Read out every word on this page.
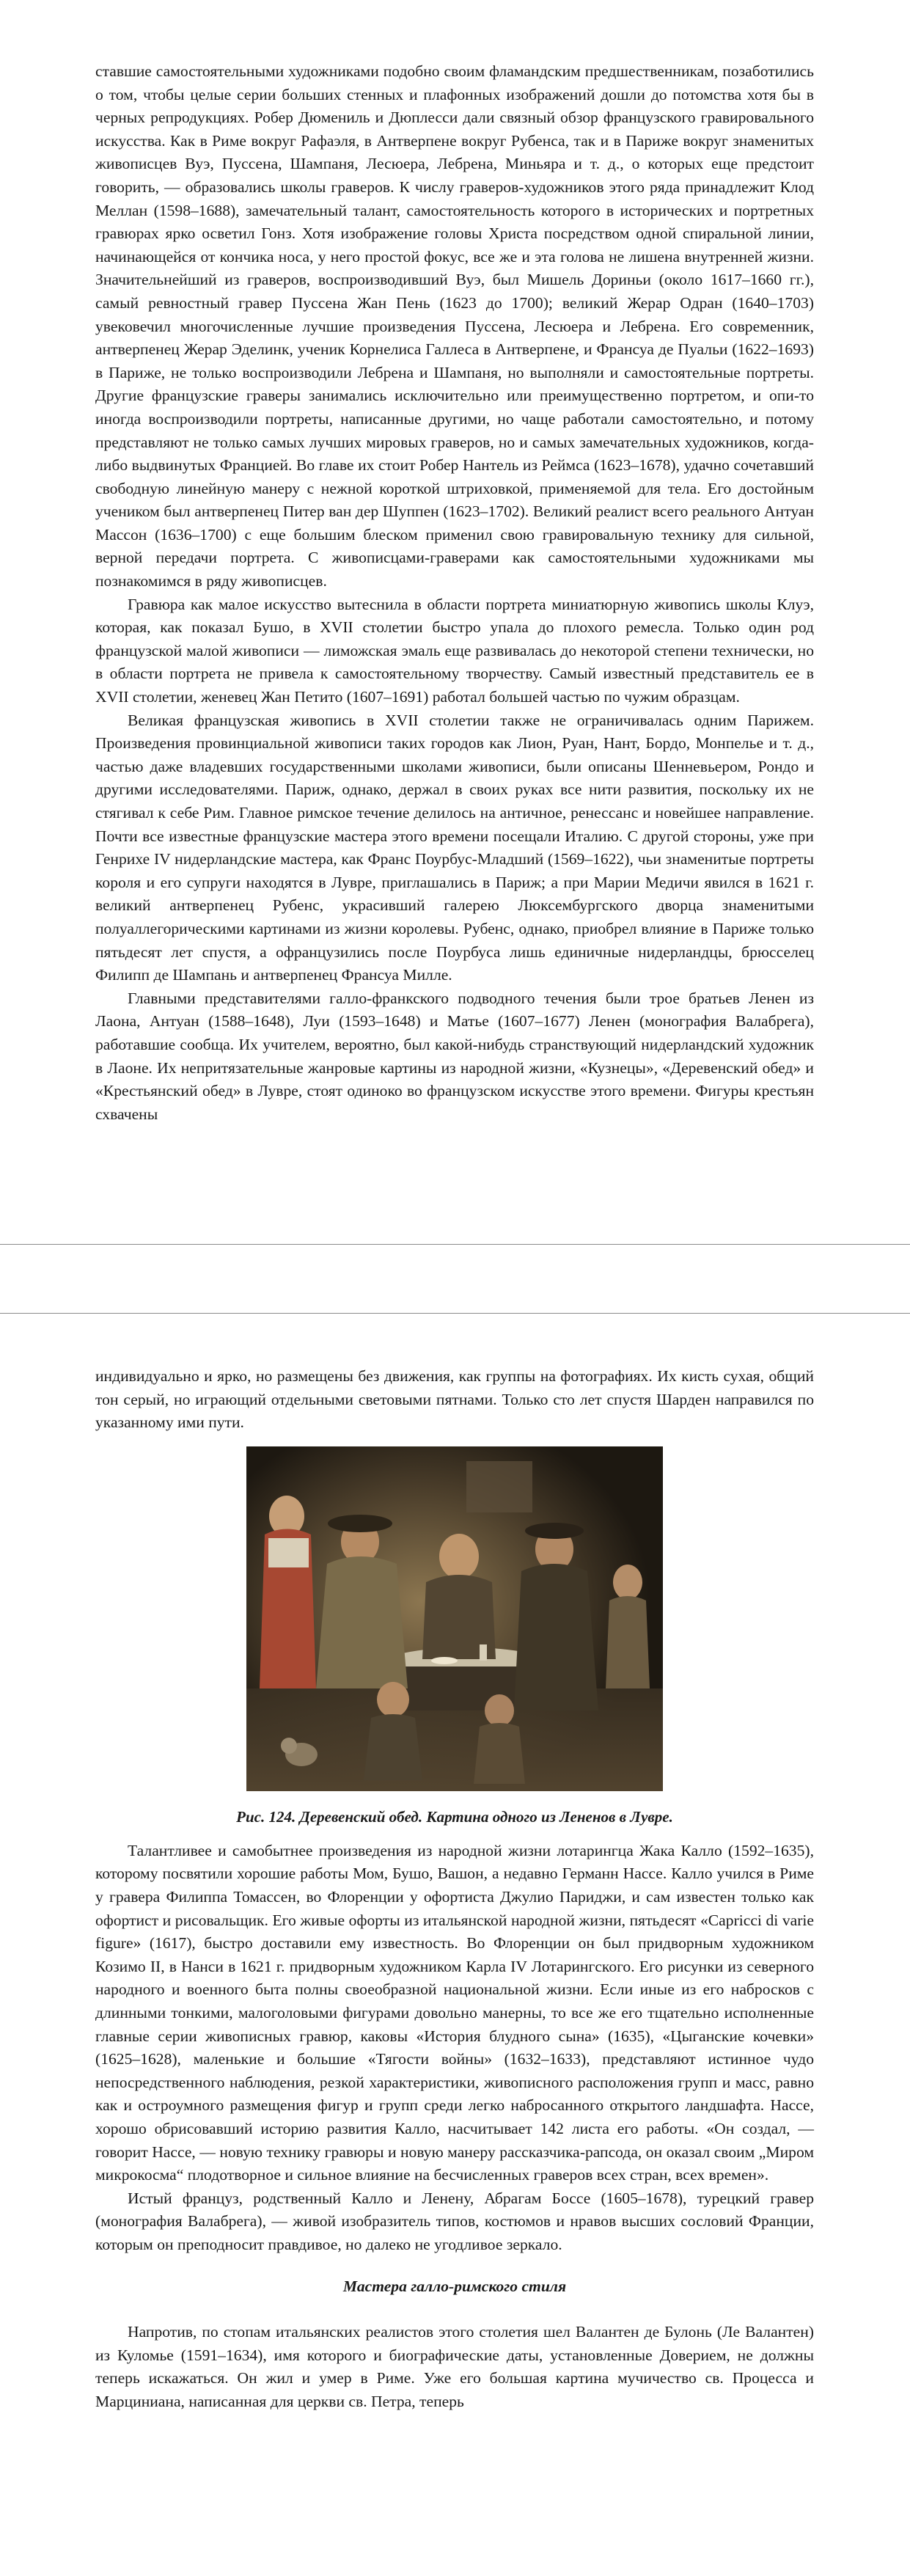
ставшие самостоятельными художниками подобно своим фламандским предшественникам, позаботились о том, чтобы целые серии больших стенных и плафонных изображений дошли до потомства хотя бы в черных репродукциях. Робер Дюмениль и Дюплесси дали связный обзор французского гравировального искусства. Как в Риме вокруг Рафаэля, в Антверпене вокруг Рубенса, так и в Париже вокруг знаменитых живописцев Вуэ, Пуссена, Шампаня, Лесюера, Лебрена, Миньяра и т. д., о которых еще предстоит говорить, — образовались школы граверов. К числу граверов-художников этого ряда принадлежит Клод Меллан (1598–1688), замечательный талант, самостоятельность которого в исторических и портретных гравюрах ярко осветил Гонз. Хотя изображение головы Христа посредством одной спиральной линии, начинающейся от кончика носа, у него простой фокус, все же и эта голова не лишена внутренней жизни. Значительнейший из граверов, воспроизводивший Вуэ, был Мишель Дориньи (около 1617–1660 гг.), самый ревностный гравер Пуссена Жан Пень (1623 до 1700); великий Жерар Одран (1640–1703) увековечил многочисленные лучшие произведения Пуссена, Лесюера и Лебрена. Его современник, антверпенец Жерар Эделинк, ученик Корнелиса Галлеса в Антверпене, и Франсуа де Пуальи (1622–1693) в Париже, не только воспроизводили Лебрена и Шампаня, но выполняли и самостоятельные портреты. Другие французские граверы занимались исключительно или преимущественно портретом, и опи-то иногда воспроизводили портреты, написанные другими, но чаще работали самостоятельно, и потому представляют не только самых лучших мировых граверов, но и самых замечательных художников, когда-либо выдвинутых Францией. Во главе их стоит Робер Нантель из Реймса (1623–1678), удачно сочетавший свободную линейную манеру с нежной короткой штриховкой, применяемой для тела. Его достойным учеником был антверпенец Питер ван дер Шуппен (1623–1702). Великий реалист всего реального Антуан Массон (1636–1700) с еще большим блеском применил свою гравировальную технику для сильной, верной передачи портрета. С живописцами-граверами как самостоятельными художниками мы познакомимся в ряду живописцев.

Гравюра как малое искусство вытеснила в области портрета миниатюрную живопись школы Клуэ, которая, как показал Бушо, в XVII столетии быстро упала до плохого ремесла. Только один род французской малой живописи — лиможская эмаль еще развивалась до некоторой степени технически, но в области портрета не привела к самостоятельному творчеству. Самый известный представитель ее в XVII столетии, женевец Жан Петито (1607–1691) работал большей частью по чужим образцам.

Великая французская живопись в XVII столетии также не ограничивалась одним Парижем. Произведения провинциальной живописи таких городов как Лион, Руан, Нант, Бордо, Монпелье и т. д., частью даже владевших государственными школами живописи, были описаны Шенневьером, Рондо и другими исследователями. Париж, однако, держал в своих руках все нити развития, поскольку их не стягивал к себе Рим. Главное римское течение делилось на античное, ренессанс и новейшее направление. Почти все известные французские мастера этого времени посещали Италию. С другой стороны, уже при Генрихе IV нидерландские мастера, как Франс Поурбус-Младший (1569–1622), чьи знаменитые портреты короля и его супруги находятся в Лувре, приглашались в Париж; а при Марии Медичи явился в 1621 г. великий антверпенец Рубенс, украсивший галерею Люксембургского дворца знаменитыми полуаллегорическими картинами из жизни королевы. Рубенс, однако, приобрел влияние в Париже только пятьдесят лет спустя, а офранцузились после Поурбуса лишь единичные нидерландцы, брюсселец Филипп де Шампань и антверпенец Франсуа Милле.

Главными представителями галло-франкского подводного течения были трое братьев Ленен из Лаона, Антуан (1588–1648), Луи (1593–1648) и Матье (1607–1677) Ленен (монография Валабрега), работавшие сообща. Их учителем, вероятно, был какой-нибудь странствующий нидерландский художник в Лаоне. Их непритязательные жанровые картины из народной жизни, «Кузнецы», «Деревенский обед» и «Крестьянский обед» в Лувре, стоят одиноко во французском искусстве этого времени. Фигуры крестьян схвачены

индивидуально и ярко, но размещены без движения, как группы на фотографиях. Их кисть сухая, общий тон серый, но играющий отдельными световыми пятнами. Только сто лет спустя Шарден направился по указанному ими пути.

Рис. 124. Деревенский обед. Картина одного из Лененов в Лувре.

Талантливее и самобытнее произведения из народной жизни лотарингца Жака Калло (1592–1635), которому посвятили хорошие работы Мом, Бушо, Вашон, а недавно Германн Нассе. Калло учился в Риме у гравера Филиппа Томассен, во Флоренции у офортиста Джулио Париджи, и сам известен только как офортист и рисовальщик. Его живые офорты из итальянской народной жизни, пятьдесят «Capricci di varie figure» (1617), быстро доставили ему известность. Во Флоренции он был придворным художником Козимо II, в Нанси в 1621 г. придворным художником Карла IV Лотарингского. Его рисунки из северного народного и военного быта полны своеобразной национальной жизни. Если иные из его набросков с длинными тонкими, малоголовыми фигурами довольно манерны, то все же его тщательно исполненные главные серии живописных гравюр, каковы «История блудного сына» (1635), «Цыганские кочевки» (1625–1628), маленькие и большие «Тягости войны» (1632–1633), представляют истинное чудо непосредственного наблюдения, резкой характеристики, живописного расположения групп и масс, равно как и остроумного размещения фигур и групп среди легко набросанного открытого ландшафта. Нассе, хорошо обрисовавший историю развития Калло, насчитывает 142 листа его работы. «Он создал, — говорит Нассе, — новую технику гравюры и новую манеру рассказчика-рапсода, он оказал своим „Миром микрокосма“ плодотворное и сильное влияние на бесчисленных граверов всех стран, всех времен».

Истый француз, родственный Калло и Ленену, Абрагам Боссе (1605–1678), турецкий гравер (монография Валабрега), — живой изобразитель типов, костюмов и нравов высших сословий Франции, которым он преподносит правдивое, но далеко не угодливое зеркало.

Мастера галло-римского стиля

Напротив, по стопам итальянских реалистов этого столетия шел Валантен де Булонь (Ле Валантен) из Куломье (1591–1634), имя которого и биографические даты, установленные Доверием, не должны теперь искажаться. Он жил и умер в Риме. Уже его большая картина мучичество св. Процесса и Марциниана, написанная для церкви св. Петра, теперь
